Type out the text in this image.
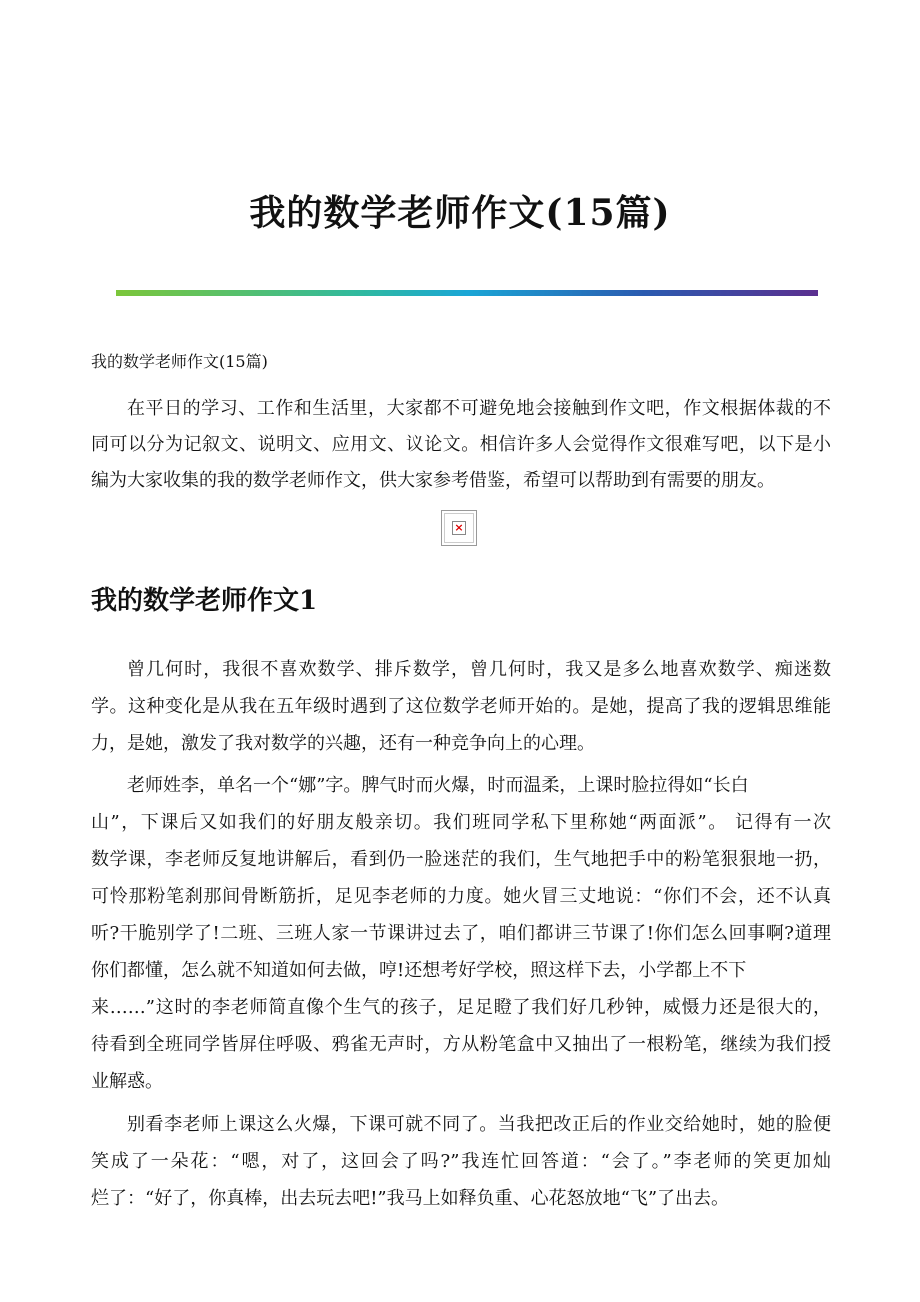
我的数学老师作文(15篇)
我的数学老师作文(15篇)
在平日的学习、工作和生活里，大家都不可避免地会接触到作文吧，作文根据体裁的不
同可以分为记叙文、说明文、应用文、议论文。相信许多人会觉得作文很难写吧，以下是小
编为大家收集的我的数学老师作文，供大家参考借鉴，希望可以帮助到有需要的朋友。
×
我的数学老师作文1
曾几何时，我很不喜欢数学、排斥数学，曾几何时，我又是多么地喜欢数学、痴迷数
学。这种变化是从我在五年级时遇到了这位数学老师开始的。是她，提高了我的逻辑思维能
力，是她，激发了我对数学的兴趣，还有一种竞争向上的心理。
老师姓李，单名一个“娜”字。脾气时而火爆，时而温柔，上课时脸拉得如“长白
山”，下课后又如我们的好朋友般亲切。我们班同学私下里称她“两面派”。 记得有一次
数学课，李老师反复地讲解后，看到仍一脸迷茫的我们，生气地把手中的粉笔狠狠地一扔，
可怜那粉笔刹那间骨断筋折，足见李老师的力度。她火冒三丈地说：“你们不会，还不认真
听?干脆别学了!二班、三班人家一节课讲过去了，咱们都讲三节课了!你们怎么回事啊?道理
你们都懂，怎么就不知道如何去做，哼!还想考好学校，照这样下去，小学都上不下
来……”这时的李老师简直像个生气的孩子，足足瞪了我们好几秒钟，威慑力还是很大的，
待看到全班同学皆屏住呼吸、鸦雀无声时，方从粉笔盒中又抽出了一根粉笔，继续为我们授
业解惑。
别看李老师上课这么火爆，下课可就不同了。当我把改正后的作业交给她时，她的脸便
笑成了一朵花：“嗯，对了，这回会了吗?”我连忙回答道：“会了。”李老师的笑更加灿
烂了：“好了，你真棒，出去玩去吧!”我马上如释负重、心花怒放地“飞”了出去。
